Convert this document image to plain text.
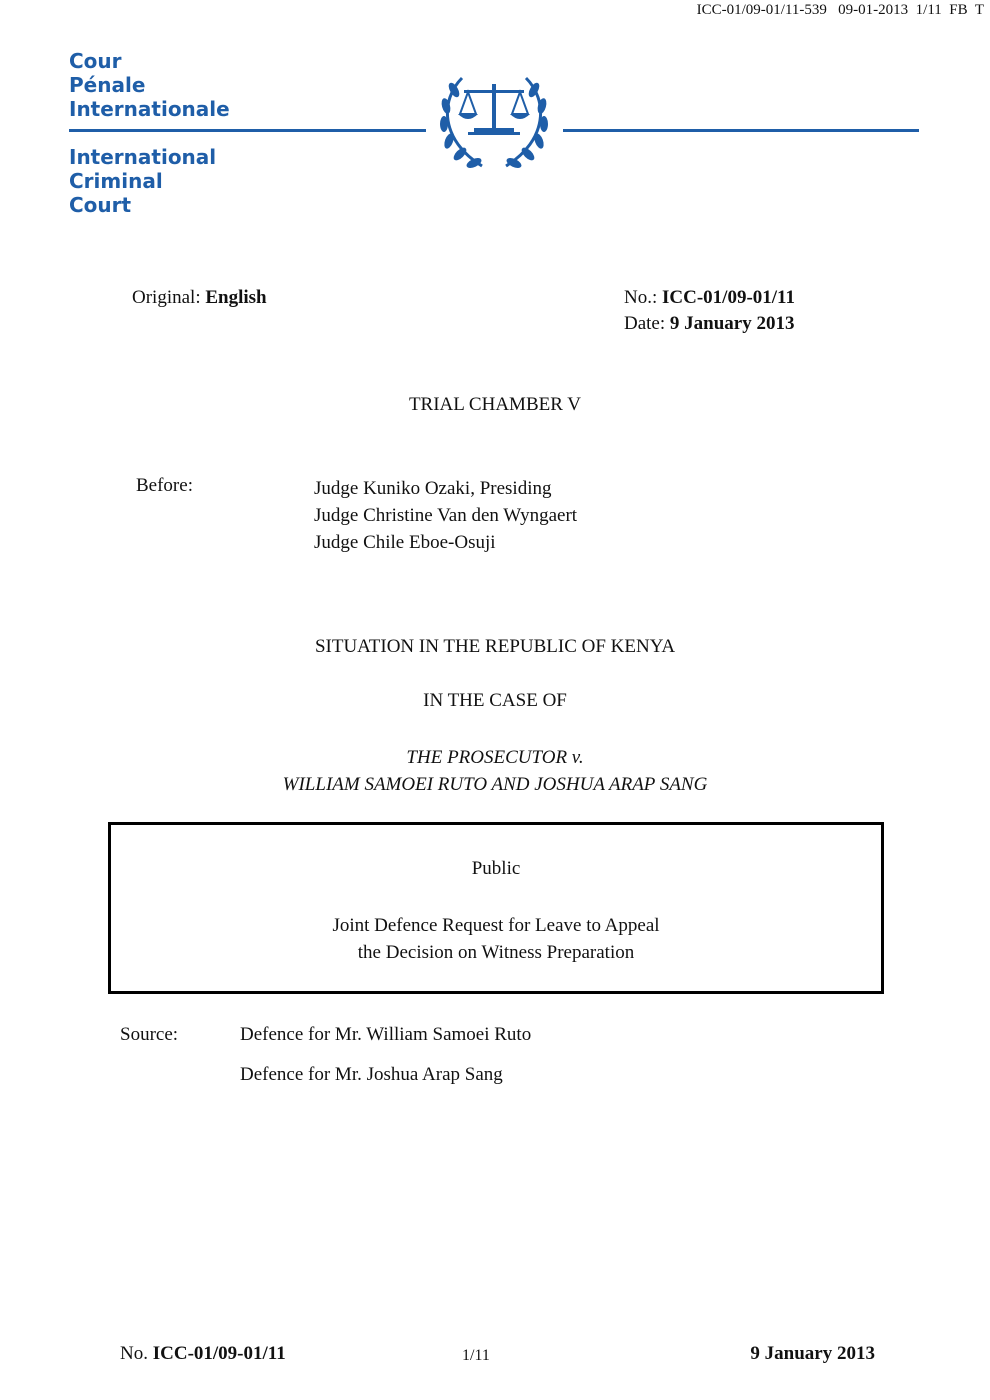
ICC-01/09-01/11-539   09-01-2013  1/11  FB  T
Cour
Pénale
Internationale
International
Criminal
Court
Original: English	No.: ICC-01/09-01/11
Date: 9 January 2013
TRIAL CHAMBER V
Before:	Judge Kuniko Ozaki, Presiding
Judge Christine Van den Wyngaert
Judge Chile Eboe-Osuji
SITUATION IN THE REPUBLIC OF KENYA
IN THE CASE OF
THE PROSECUTOR v.
WILLIAM SAMOEI RUTO AND JOSHUA ARAP SANG
Public
Joint Defence Request for Leave to Appeal
the Decision on Witness Preparation
Source:	Defence for Mr. William Samoei Ruto
Defence for Mr. Joshua Arap Sang
No. ICC-01/09-01/11	1/11	9 January 2013
